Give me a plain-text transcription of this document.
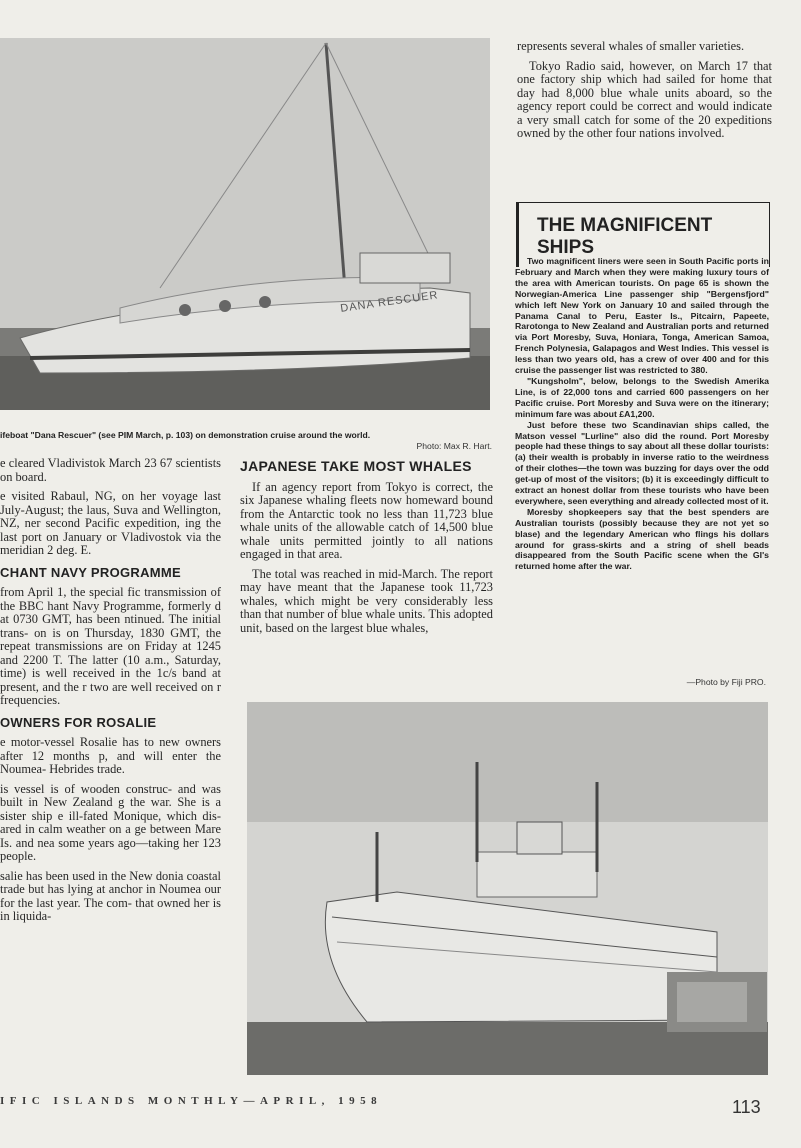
DANA RESCUER
ifeboat "Dana Rescuer" (see PIM March, p. 103) on demonstration cruise around the world.
Photo: Max R. Hart.

e cleared Vladivistok March 23 67 scientists on board.

e visited Rabaul, NG, on her voyage last July-August; the laus, Suva and Wellington, NZ, ner second Pacific expedition, ing the last port on January or Vladivostok via the meridian 2 deg. E.

CHANT NAVY PROGRAMME

from April 1, the special fic transmission of the BBC hant Navy Programme, formerly d at 0730 GMT, has been ntinued. The initial trans- on is on Thursday, 1830 GMT, the repeat transmissions are on Friday at 1245 and 2200 T. The latter (10 a.m., Saturday, time) is well received in the 1c/s band at present, and the r two are well received on r frequencies.

OWNERS FOR ROSALIE

e motor-vessel Rosalie has to new owners after 12 months p, and will enter the Noumea- Hebrides trade.

is vessel is of wooden construc- and was built in New Zealand g the war. She is a sister ship e ill-fated Monique, which dis- ared in calm weather on a ge between Mare Is. and nea some years ago—taking her 123 people.

salie has been used in the New donia coastal trade but has lying at anchor in Noumea our for the last year. The com- that owned her is in liquida-

JAPANESE TAKE MOST WHALES

If an agency report from Tokyo is correct, the six Japanese whaling fleets now homeward bound from the Antarctic took no less than 11,723 blue whale units of the allowable catch of 14,500 blue whale units permitted jointly to all nations engaged in that area.

The total was reached in mid-March. The report may have meant that the Japanese took 11,723 whales, which might be very considerably less than that number of blue whale units. This adopted unit, based on the largest blue whales,

represents several whales of smaller varieties.

Tokyo Radio said, however, on March 17 that one factory ship which had sailed for home that day had 8,000 blue whale units aboard, so the agency report could be correct and would indicate a very small catch for some of the 20 expeditions owned by the other four nations involved.

THE MAGNIFICENT SHIPS

Two magnificent liners were seen in South Pacific ports in February and March when they were making luxury tours of the area with American tourists. On page 65 is shown the Norwegian-America Line passenger ship "Bergensfjord" which left New York on January 10 and sailed through the Panama Canal to Peru, Easter Is., Pitcairn, Papeete, Rarotonga to New Zealand and Australian ports and returned via Port Moresby, Suva, Honiara, Tonga, American Samoa, French Polynesia, Galapagos and West Indies. This vessel is less than two years old, has a crew of over 400 and for this cruise the passenger list was restricted to 380.

"Kungsholm", below, belongs to the Swedish Amerika Line, is of 22,000 tons and carried 600 passengers on her Pacific cruise. Port Moresby and Suva were on the itinerary; minimum fare was about £A1,200.

Just before these two Scandinavian ships called, the Matson vessel "Lurline" also did the round. Port Moresby people had these things to say about all these dollar tourists: (a) their wealth is probably in inverse ratio to the weirdness of their clothes—the town was buzzing for days over the odd get-up of most of the visitors; (b) it is exceedingly difficult to extract an honest dollar from these tourists who have been everywhere, seen everything and already collected most of it.

Moresby shopkeepers say that the best spenders are Australian tourists (possibly because they are not yet so blase) and the legendary American who flings his dollars around for grass-skirts and a string of shell beads disappeared from the South Pacific scene when the GI's returned home after the war.

—Photo by Fiji PRO.
IFIC ISLANDS MONTHLY—APRIL, 1958	113
